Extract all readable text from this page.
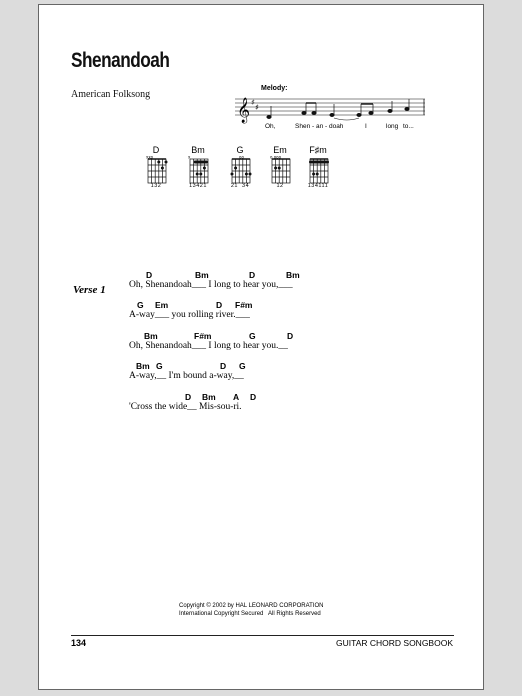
Shenandoah
American Folksong
Melody:
𝄞 ♯
♯
Oh,	Shen - an - doah	I	long to...
D
xxo
132
Bm
x
13421
G
oo
21  34
Em
o ooo
12
F♯m
134111
Verse 1
D	Bm	D	Bm
Oh, Shenandoah___ I long to hear you,___
G Em	D F#m
A-way___ you rolling river.___
Bm	F#m	G	D
Oh, Shenandoah___ I long to hear you.__
Bm G	D G
A-way,__ I'm bound a-way,__
D Bm A D
'Cross the wide__ Mis-sou-ri.
Copyright © 2002 by HAL LEONARD CORPORATION
International Copyright Secured   All Rights Reserved
134	GUITAR CHORD SONGBOOK
